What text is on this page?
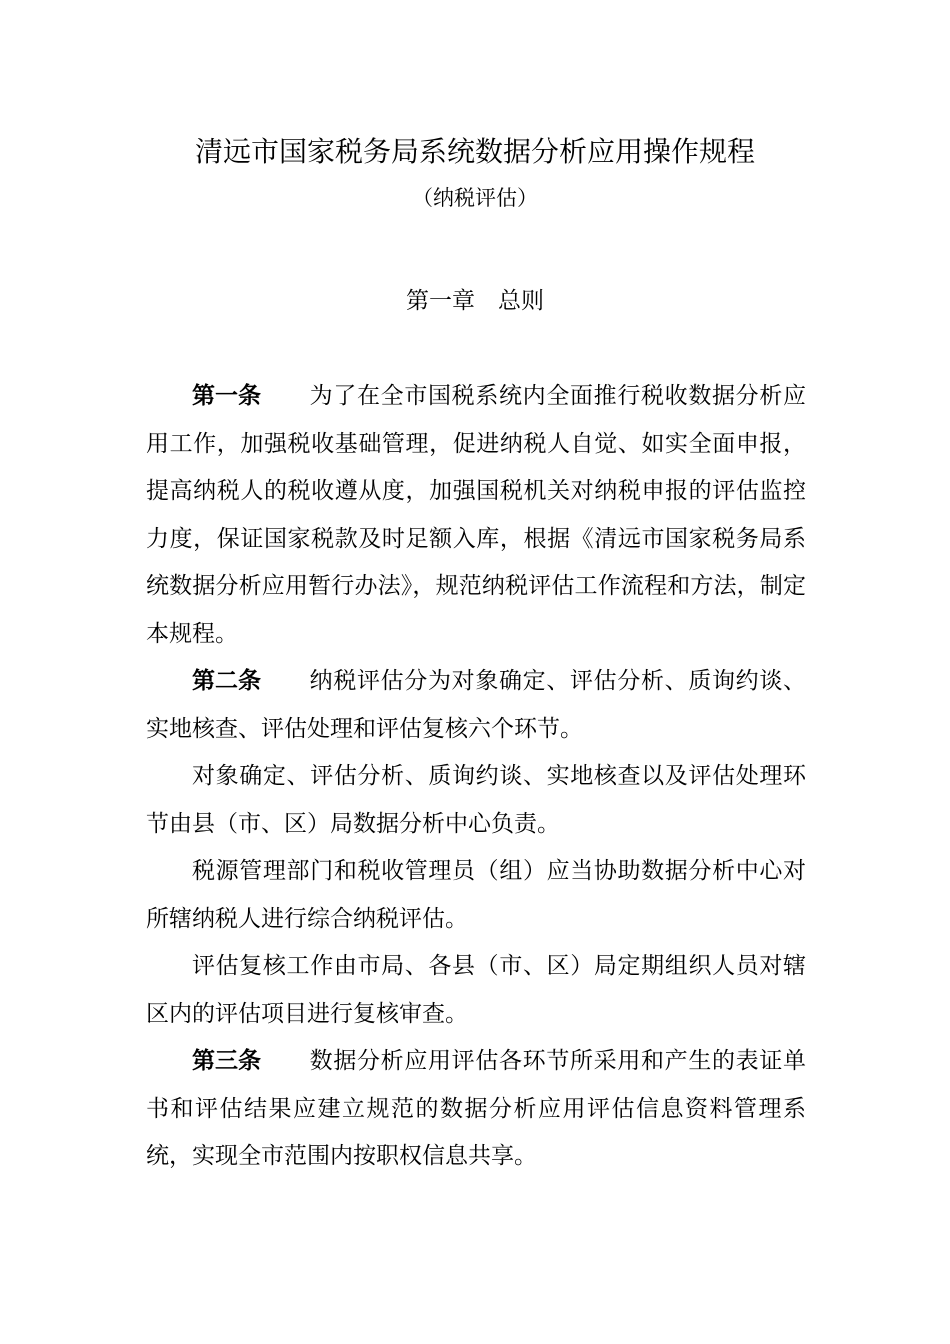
清远市国家税务局系统数据分析应用操作规程
（纳税评估）
第一章　总则

第一条 为了在全市国税系统内全面推行税收数据分析应用工作，加强税收基础管理，促进纳税人自觉、如实全面申报，提高纳税人的税收遵从度，加强国税机关对纳税申报的评估监控力度，保证国家税款及时足额入库，根据《清远市国家税务局系统数据分析应用暂行办法》，规范纳税评估工作流程和方法，制定本规程。

第二条 纳税评估分为对象确定、评估分析、质询约谈、实地核查、评估处理和评估复核六个环节。

对象确定、评估分析、质询约谈、实地核查以及评估处理环节由县（市、区）局数据分析中心负责。

税源管理部门和税收管理员（组）应当协助数据分析中心对所辖纳税人进行综合纳税评估。

评估复核工作由市局、各县（市、区）局定期组织人员对辖区内的评估项目进行复核审查。

第三条 数据分析应用评估各环节所采用和产生的表证单书和评估结果应建立规范的数据分析应用评估信息资料管理系统，实现全市范围内按职权信息共享。
